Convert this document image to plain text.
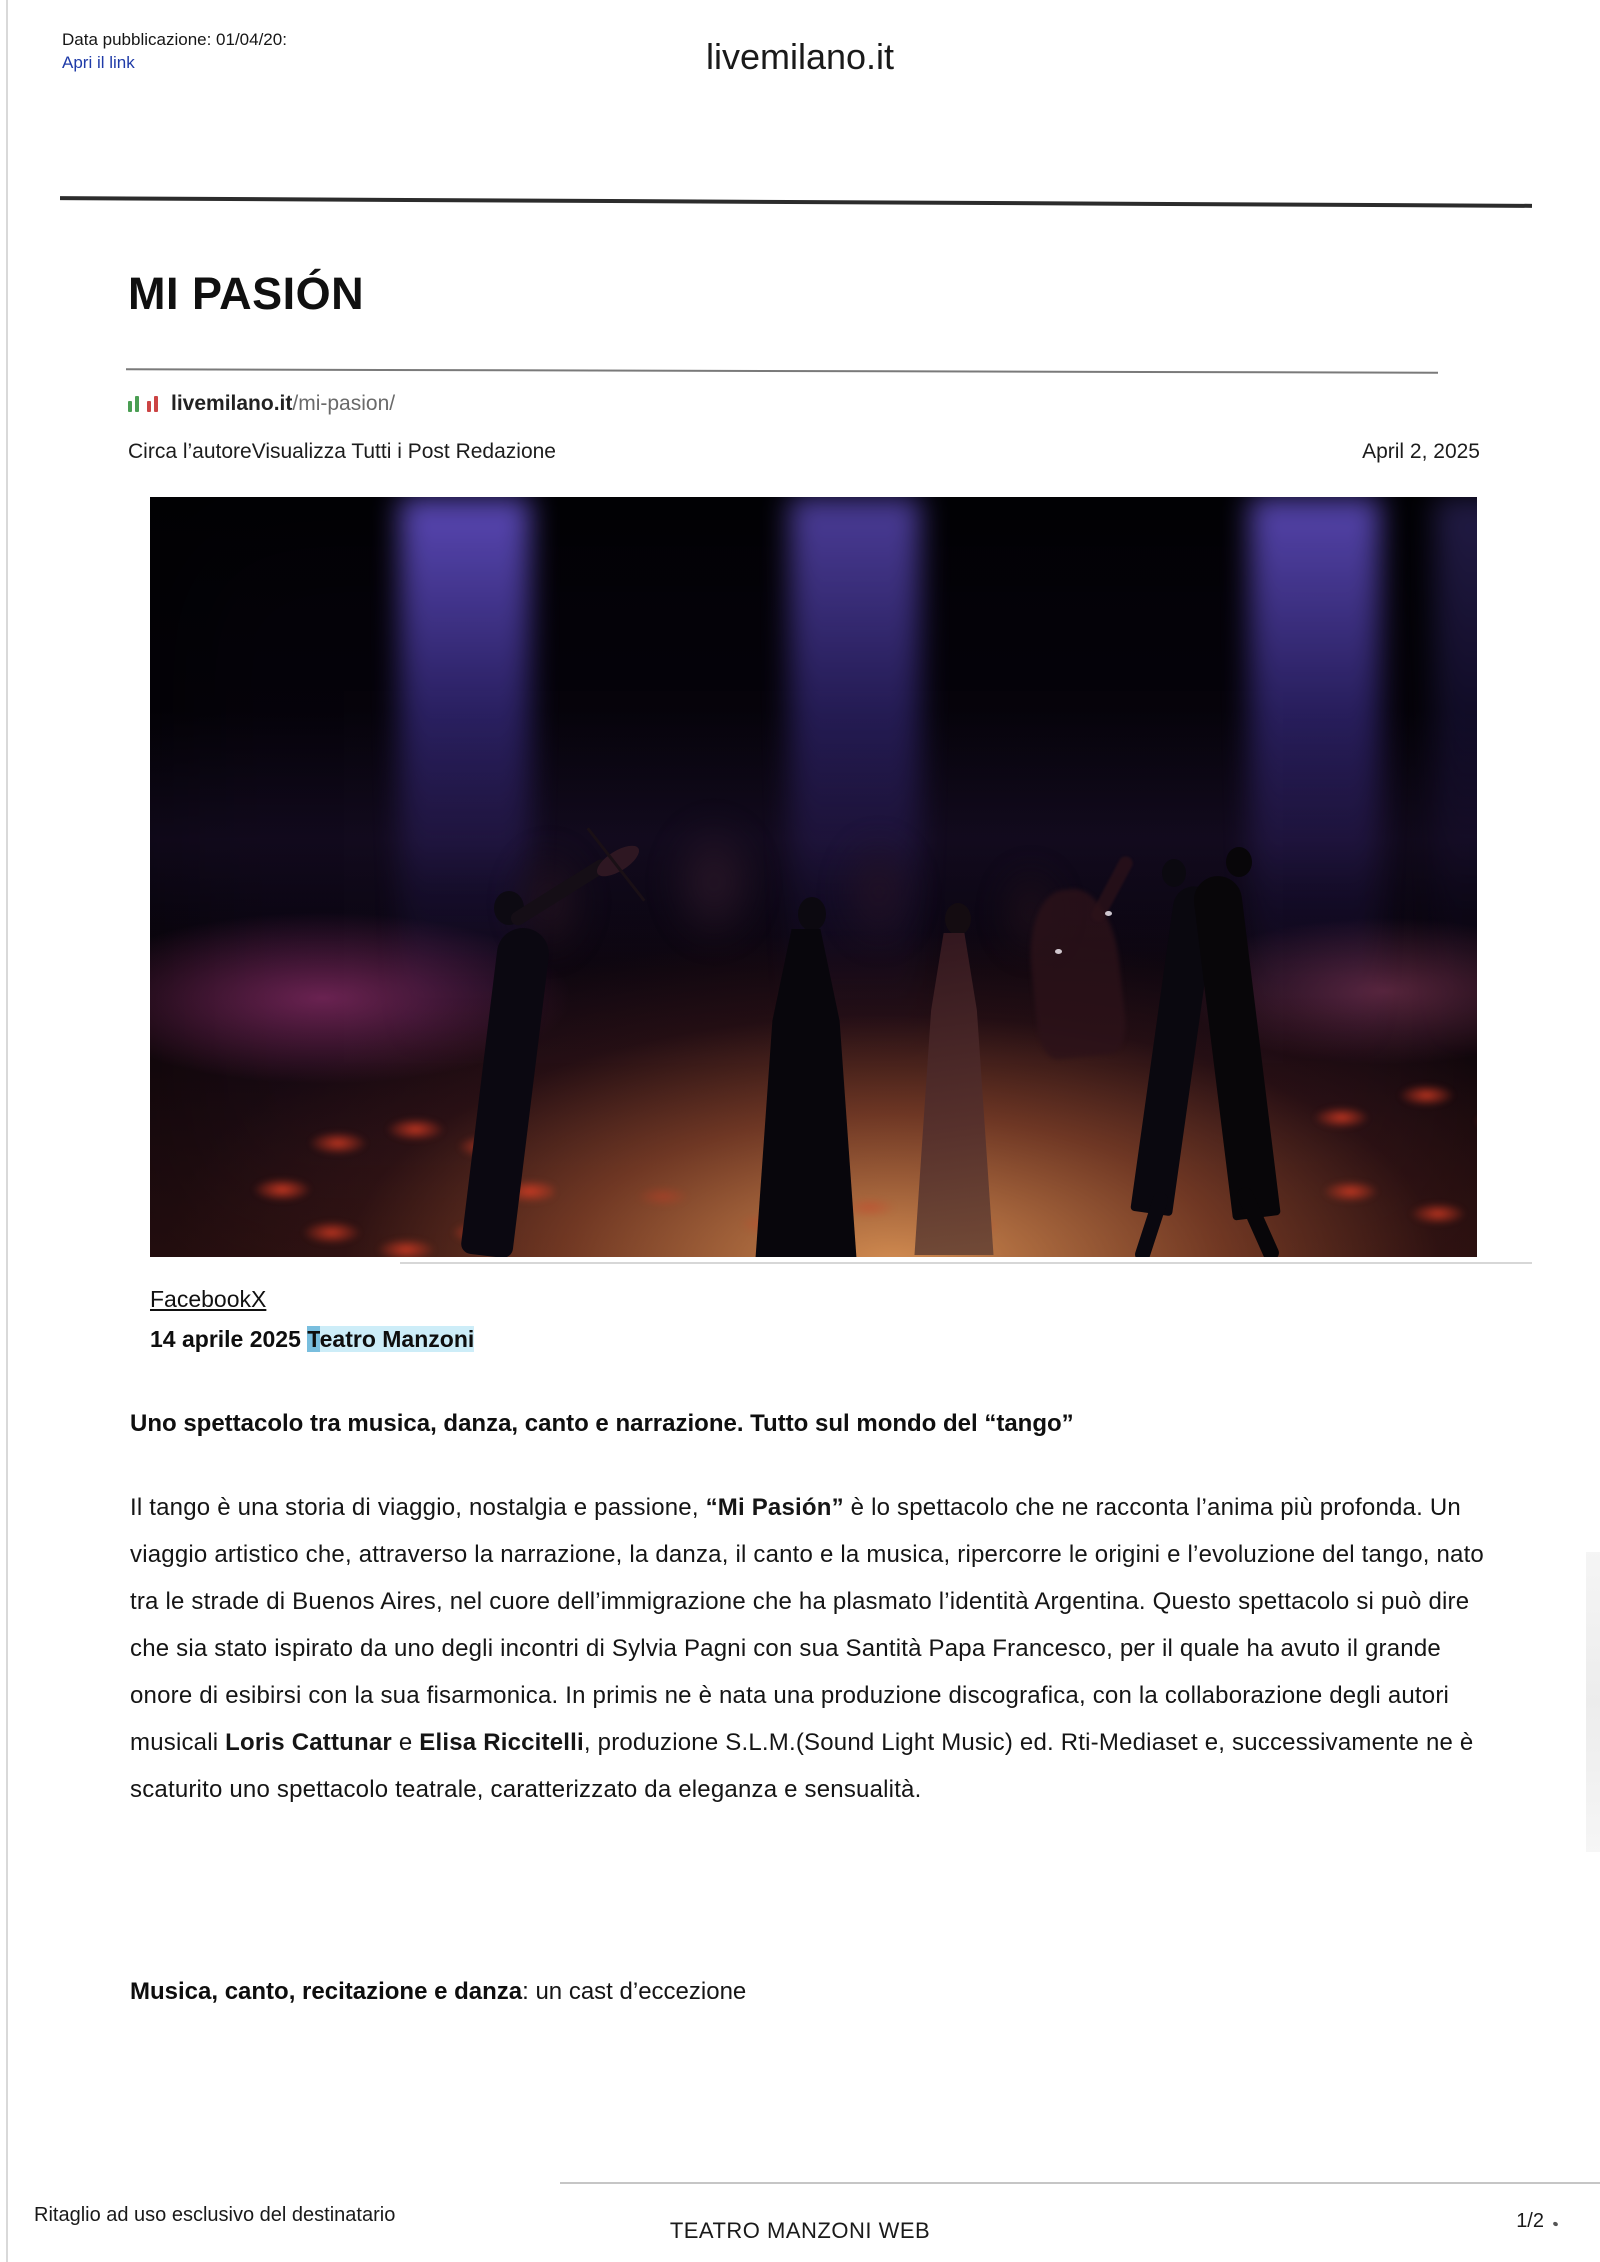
Data pubblicazione: 01/04/20:
Apri il link	livemilano.it
MI PASIÓN
livemilano.it /mi-pasion/
Circa l’autoreVisualizza Tutti i Post Redazione	April 2, 2025
FacebookX
14 aprile 2025 Teatro Manzoni
Uno spettacolo tra musica, danza, canto e narrazione. Tutto sul mondo del “tango”

Il tango è una storia di viaggio, nostalgia e passione, “Mi Pasión” è lo spettacolo che ne racconta l’anima più profonda. Un viaggio artistico che, attraverso la narrazione, la danza, il canto e la musica, ripercorre le origini e l’evoluzione del tango, nato tra le strade di Buenos Aires, nel cuore dell’immigrazione che ha plasmato l’identità Argentina. Questo spettacolo si può dire che sia stato ispirato da uno degli incontri di Sylvia Pagni con sua Santità Papa Francesco, per il quale ha avuto il grande onore di esibirsi con la sua fisarmonica. In primis ne è nata una produzione discografica, con la collaborazione degli autori musicali Loris Cattunar e Elisa Riccitelli, produzione S.L.M.(Sound Light Music) ed. Rti-Mediaset e, successivamente ne è scaturito uno spettacolo teatrale, caratterizzato da eleganza e sensualità.

Musica, canto, recitazione e danza: un cast d’eccezione
Ritaglio ad uso esclusivo del destinatario
TEATRO MANZONI WEB	1/2
